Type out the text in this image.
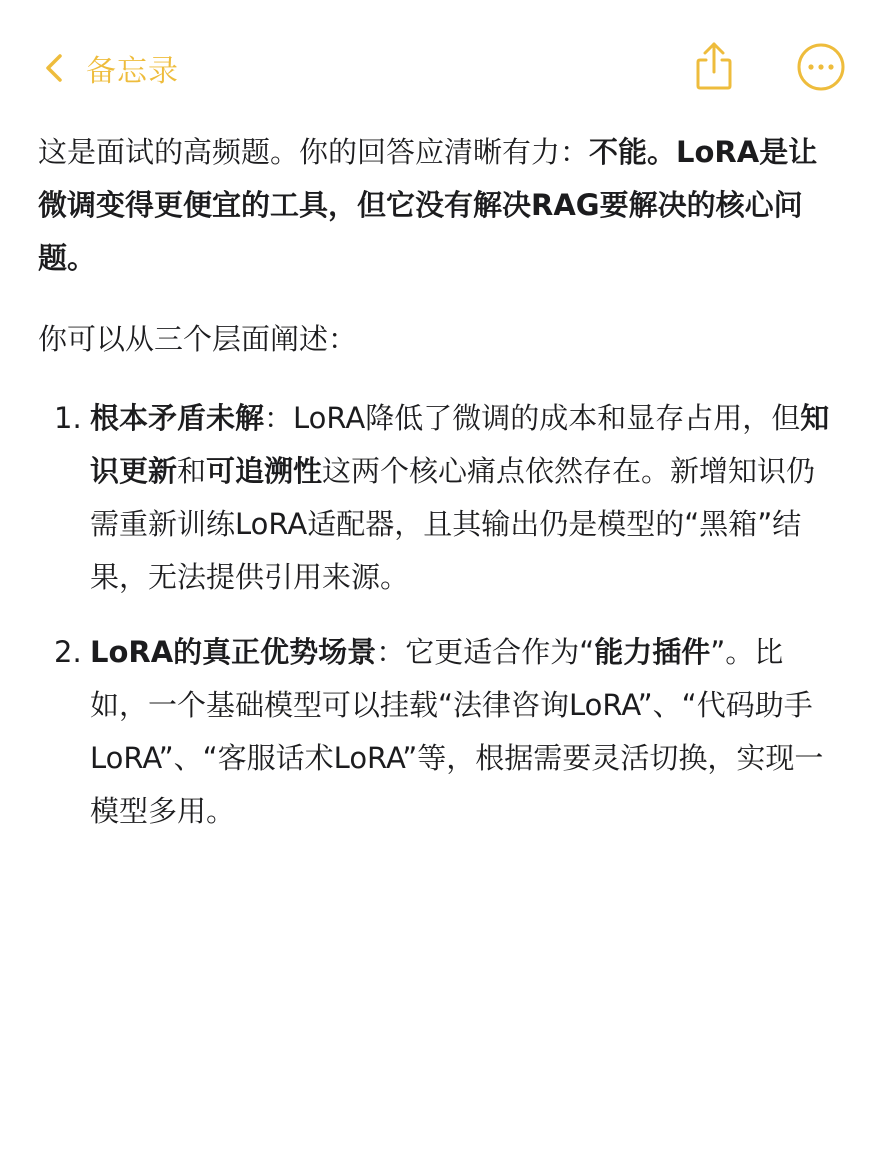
备忘录

这是面试的高频题。你的回答应清晰有力：不能。LoRA是让微调变得更便宜的工具，但它没有解决RAG要解决的核心问题。

你可以从三个层面阐述：

1. 根本矛盾未解：LoRA降低了微调的成本和显存占用，但知识更新和可追溯性这两个核心痛点依然存在。新增知识仍需重新训练LoRA适配器，且其输出仍是模型的“黑箱”结果，无法提供引用来源。
2. LoRA的真正优势场景：它更适合作为“能力插件”。比如，一个基础模型可以挂载“法律咨询LoRA”、“代码助手LoRA”、“客服话术LoRA”等，根据需要灵活切换，实现一模型多用。
